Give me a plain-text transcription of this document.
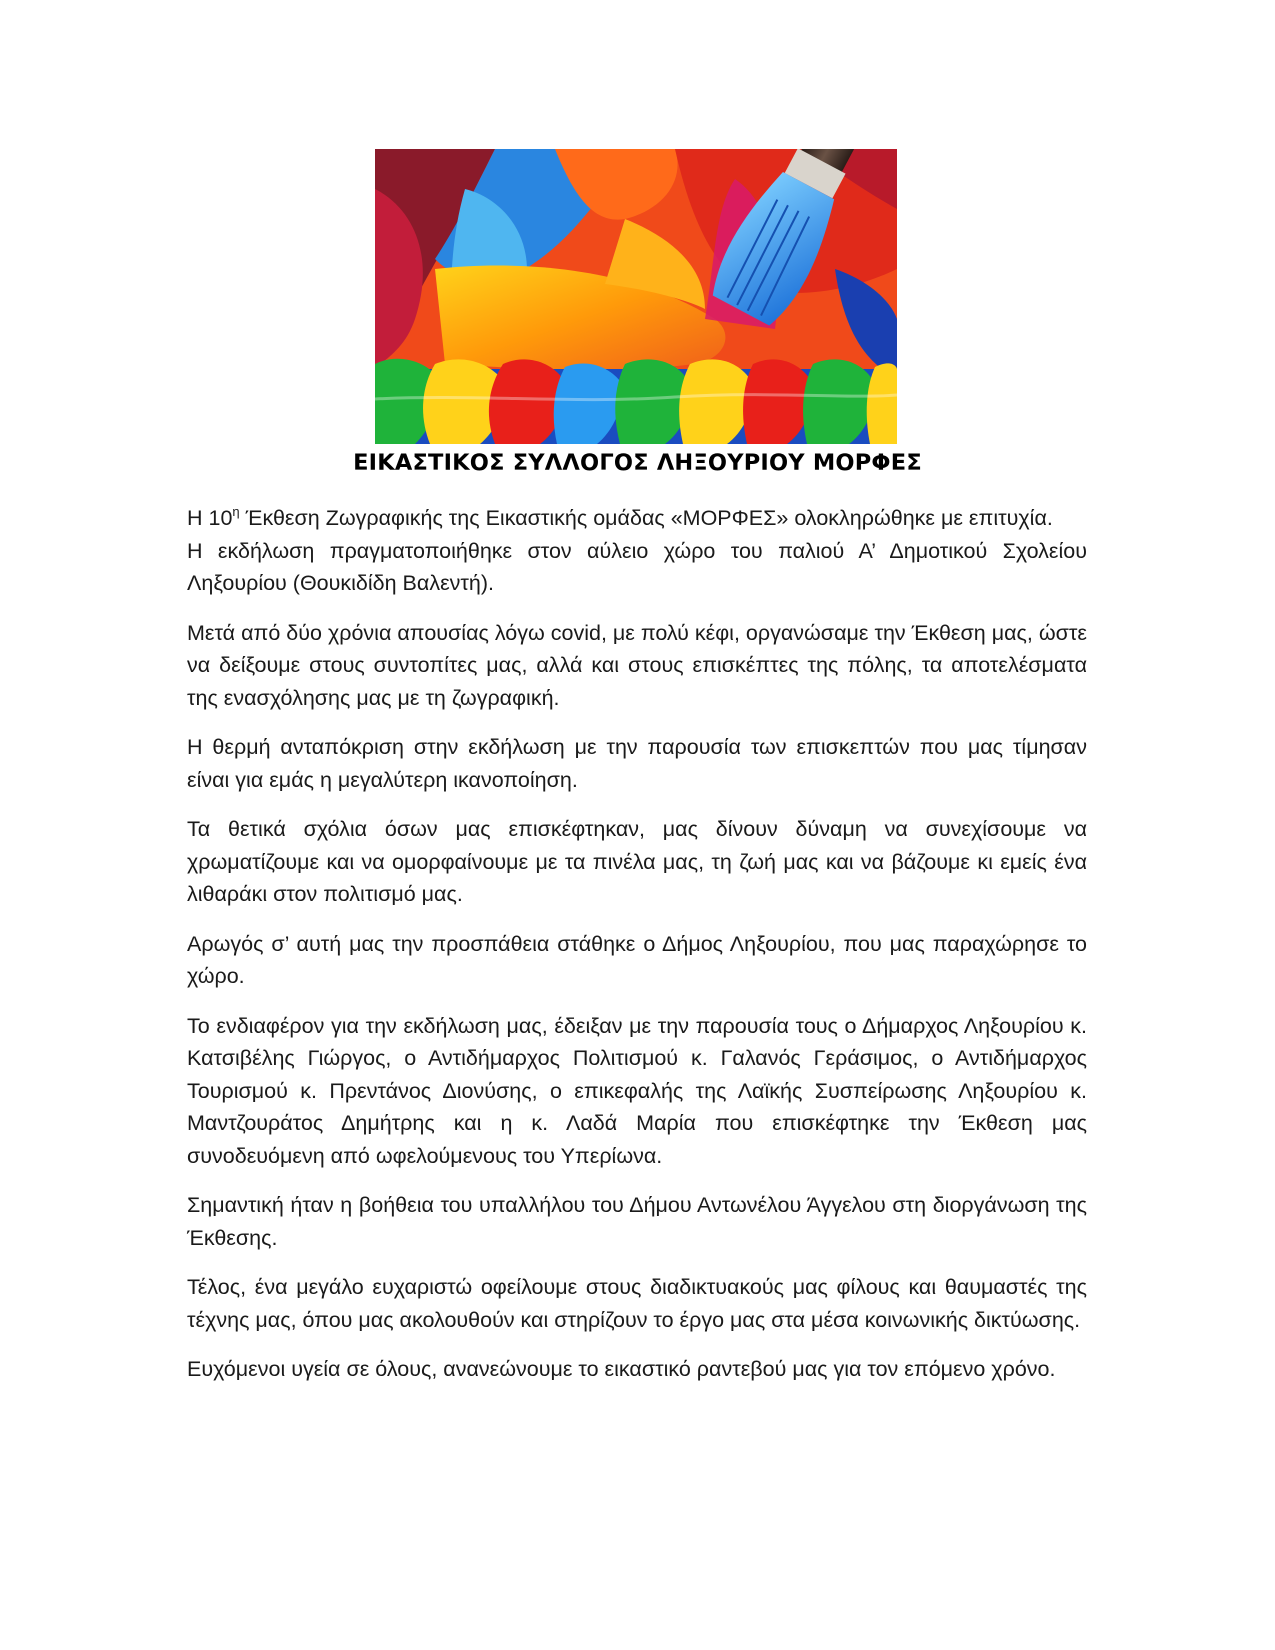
ΕΙΚΑΣΤΙΚΟΣ ΣΥΛΛΟΓΟΣ ΛΗΞΟΥΡΙΟΥ ΜΟΡΦΕΣ

Η $10^\eta$ Έκθεση Ζωγραφικής της Εικαστικής ομάδας «ΜΟΡΦΕΣ» ολοκληρώθηκε με επιτυχία.

Η εκδήλωση πραγματοποιήθηκε στον αύλειο χώρο του παλιού Α’ Δημοτικού Σχολείου Ληξουρίου (Θουκιδίδη Βαλεντή).

Μετά από δύο χρόνια απουσίας λόγω covid, με πολύ κέφι, οργανώσαμε την Έκθεση μας, ώστε να δείξουμε στους συντοπίτες μας, αλλά και στους επισκέπτες της πόλης, τα αποτελέσματα της ενασχόλησης μας με τη ζωγραφική.

Η θερμή ανταπόκριση στην εκδήλωση με την παρουσία των επισκεπτών που μας τίμησαν είναι για εμάς η μεγαλύτερη ικανοποίηση.

Τα θετικά σχόλια όσων μας επισκέφτηκαν, μας δίνουν δύναμη να συνεχίσουμε να χρωματίζουμε και να ομορφαίνουμε με τα πινέλα μας, τη ζωή μας και να βάζουμε κι εμείς ένα λιθαράκι στον πολιτισμό μας.

Αρωγός σ’ αυτή μας την προσπάθεια στάθηκε ο Δήμος Ληξουρίου, που μας παραχώρησε το χώρο.

Το ενδιαφέρον για την εκδήλωση μας, έδειξαν με την παρουσία τους ο Δήμαρχος Ληξουρίου κ. Κατσιβέλης Γιώργος, ο Αντιδήμαρχος Πολιτισμού κ. Γαλανός Γεράσιμος, ο Αντιδήμαρχος Τουρισμού κ. Πρεντάνος Διονύσης, ο επικεφαλής της Λαϊκής Συσπείρωσης Ληξουρίου κ. Μαντζουράτος Δημήτρης και η κ. Λαδά Μαρία που επισκέφτηκε την Έκθεση μας συνοδευόμενη από ωφελούμενους του Υπερίωνα.

Σημαντική ήταν η βοήθεια του υπαλλήλου του Δήμου Αντωνέλου Άγγελου στη διοργάνωση της Έκθεσης.

Τέλος, ένα μεγάλο ευχαριστώ οφείλουμε στους διαδικτυακούς μας φίλους και θαυμαστές της τέχνης μας, όπου μας ακολουθούν και στηρίζουν το έργο μας στα μέσα κοινωνικής δικτύωσης.

Ευχόμενοι υγεία σε όλους, ανανεώνουμε το εικαστικό ραντεβού μας για τον επόμενο χρόνο.
